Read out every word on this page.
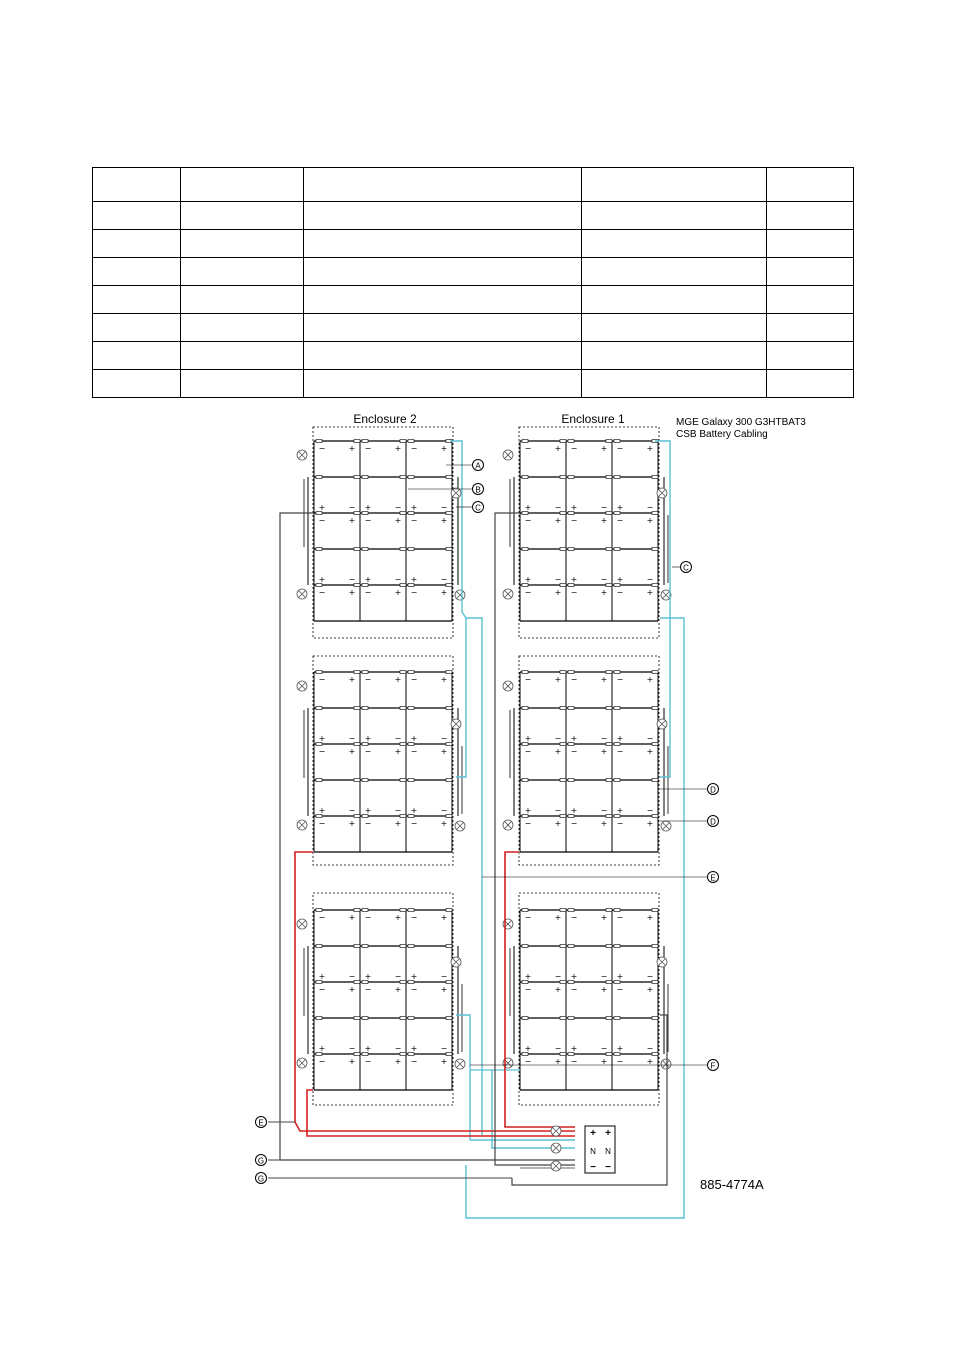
−	+ −	+ −	+
+	− +	− +	−
−	+ −	+ −	+
+	− +	− +	−
−	+ −	+ −	+
−	+ −	+ −	+
+	− +	− +	−
−	+ −	+ −	+
+	− +	− +	−
−	+ −	+ −	+
−	+ −	+ −	+
+	− +	− +	−
−	+ −	+ −	+
+	− +	− +	−
−	+ −	+ −	+
−	+ −	+ −	+
+	− +	− +	−
−	+ −	+ −	+
+	− +	− +	−
−	+ −	+ −	+
−	+ −	+ −	+
+	− +	− +	−
−	+ −	+ −	+
+	− +	− +	−
−	+ −	+ −	+
−	+ −	+ −	+
+	− +	− +	−
−	+ −	+ −	+
+	− +	− +	−
−	+ −	+ −	+
Enclosure 2	Enclosure 1	MGE Galaxy 300 G3HTBAT3
CSB Battery Cabling
A
B
C
C
D
D
E
F
E
G
G
+ +
N N
− −
885-4774A
